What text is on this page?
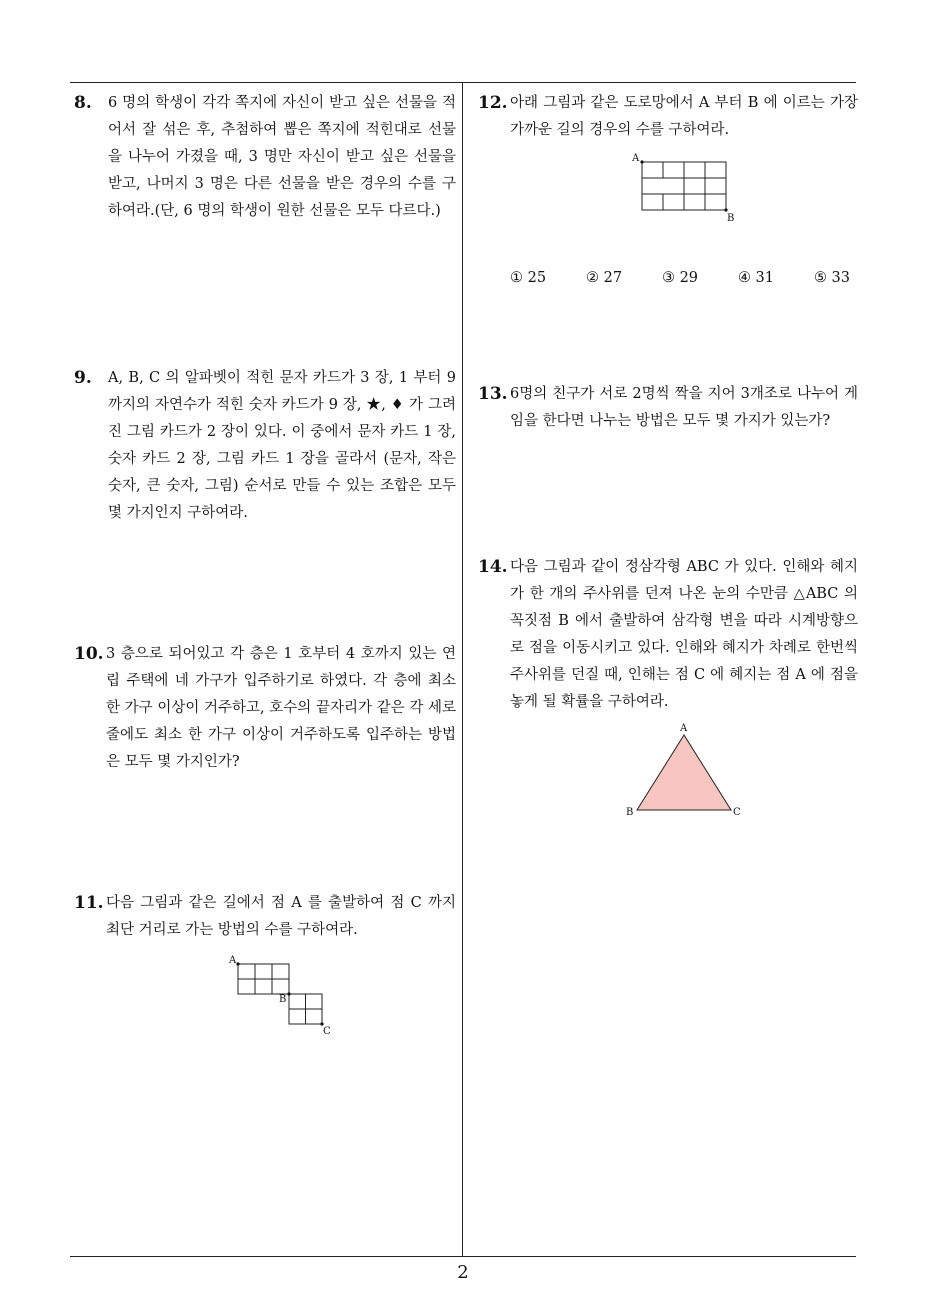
8. 6 명의 학생이 각각 쪽지에 자신이 받고 싶은 선물을 적어서 잘 섞은 후, 추첨하여 뽑은 쪽지에 적힌대로 선물을 나누어 가졌을 때, 3 명만 자신이 받고 싶은 선물을 받고, 나머지 3 명은 다른 선물을 받은 경우의 수를 구하여라.(단, 6 명의 학생이 원한 선물은 모두 다르다.)
9. A, B, C 의 알파벳이 적힌 문자 카드가 3 장, 1 부터 9 까지의 자연수가 적힌 숫자 카드가 9 장, ★, ♦ 가 그려진 그림 카드가 2 장이 있다. 이 중에서 문자 카드 1 장, 숫자 카드 2 장, 그림 카드 1 장을 골라서 (문자, 작은 숫자, 큰 숫자, 그림) 순서로 만들 수 있는 조합은 모두 몇 가지인지 구하여라.
10. 3 층으로 되어있고 각 층은 1 호부터 4 호까지 있는 연립 주택에 네 가구가 입주하기로 하였다. 각 층에 최소 한 가구 이상이 거주하고, 호수의 끝자리가 같은 각 세로줄에도 최소 한 가구 이상이 거주하도록 입주하는 방법은 모두 몇 가지인가?
11. 다음 그림과 같은 길에서 점 A 를 출발하여 점 C 까지 최단 거리로 가는 방법의 수를 구하여라.
A
B
C
12. 아래 그림과 같은 도로망에서 A 부터 B 에 이르는 가장 가까운 길의 경우의 수를 구하여라.
A
B
① 25	② 27	③ 29	④ 31	⑤ 33
13. 6명의 친구가 서로 2명씩 짝을 지어 3개조로 나누어 게임을 한다면 나누는 방법은 모두 몇 가지가 있는가?
14. 다음 그림과 같이 정삼각형 ABC 가 있다. 인해와 혜지가 한 개의 주사위를 던져 나온 눈의 수만큼 △ABC 의 꼭짓점 B 에서 출발하여 삼각형 변을 따라 시계방향으로 점을 이동시키고 있다. 인해와 혜지가 차례로 한번씩 주사위를 던질 때, 인해는 점 C 에 혜지는 점 A 에 점을 놓게 될 확률을 구하여라.
A
B	C
2
